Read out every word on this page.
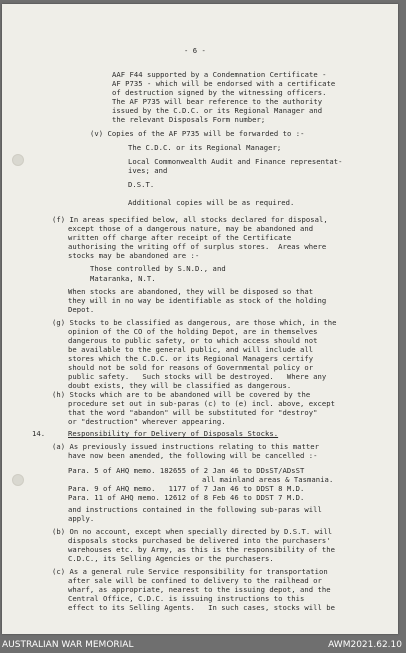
- 6 -
AAF F44 supported by a Condemnation Certificate -
AF P735 - which will be endorsed with a certificate
of destruction signed by the witnessing officers.
The AF P735 will bear reference to the authority
issued by the C.D.C. or its Regional Manager and
the relevant Disposals Form number;
(v) Copies of the AF P735 will be forwarded to :-
The C.D.C. or its Regional Manager;
Local Commonwealth Audit and Finance representat-
ives; and
D.S.T.
Additional copies will be as required.
(f) In areas specified below, all stocks declared for disposal,
except those of a dangerous nature, may be abandoned and
written off charge after receipt of the Certificate
authorising the writing off of surplus stores.  Areas where
stocks may be abandoned are :-
Those controlled by S.N.D., and
Mataranka, N.T.
When stocks are abandoned, they will be disposed so that
they will in no way be identifiable as stock of the holding
Depot.
(g) Stocks to be classified as dangerous, are those which, in the
opinion of the CO of the holding Depot, are in themselves
dangerous to public safety, or to which access should not
be available to the general public, and will include all
stores which the C.D.C. or its Regional Managers certify
should not be sold for reasons of Governmental policy or
public safety.   Such stocks will be destroyed.   Where any
doubt exists, they will be classified as dangerous.
(h) Stocks which are to be abandoned will be covered by the
procedure set out in sub-paras (c) to (e) incl. above, except
that the word "abandon" will be substituted for "destroy"
or "destruction" wherever appearing.
14.	Responsibility for Delivery of Disposals Stocks.
(a) As previously issued instructions relating to this matter
have now been amended, the following will be cancelled :-
Para. 5 of AHQ memo. 182655 of 2 Jan 46 to DDsST/ADsST
all mainland areas & Tasmania.
Para. 9 of AHQ memo.   1177 of 7 Jan 46 to DDST 8 M.D.
Para. 11 of AHQ memo. 12612 of 8 Feb 46 to DDST 7 M.D.
and instructions contained in the following sub-paras will
apply.
(b) On no account, except when specially directed by D.S.T. will
disposals stocks purchased be delivered into the purchasers'
warehouses etc. by Army, as this is the responsibility of the
C.D.C., its Selling Agencies or the purchasers.
(c) As a general rule Service responsibility for transportation
after sale will be confined to delivery to the railhead or
wharf, as appropriate, nearest to the issuing depot, and the
Central Office, C.D.C. is issuing instructions to this
effect to its Selling Agents.   In such cases, stocks will be
AUSTRALIAN WAR MEMORIAL	AWM2021.62.10
